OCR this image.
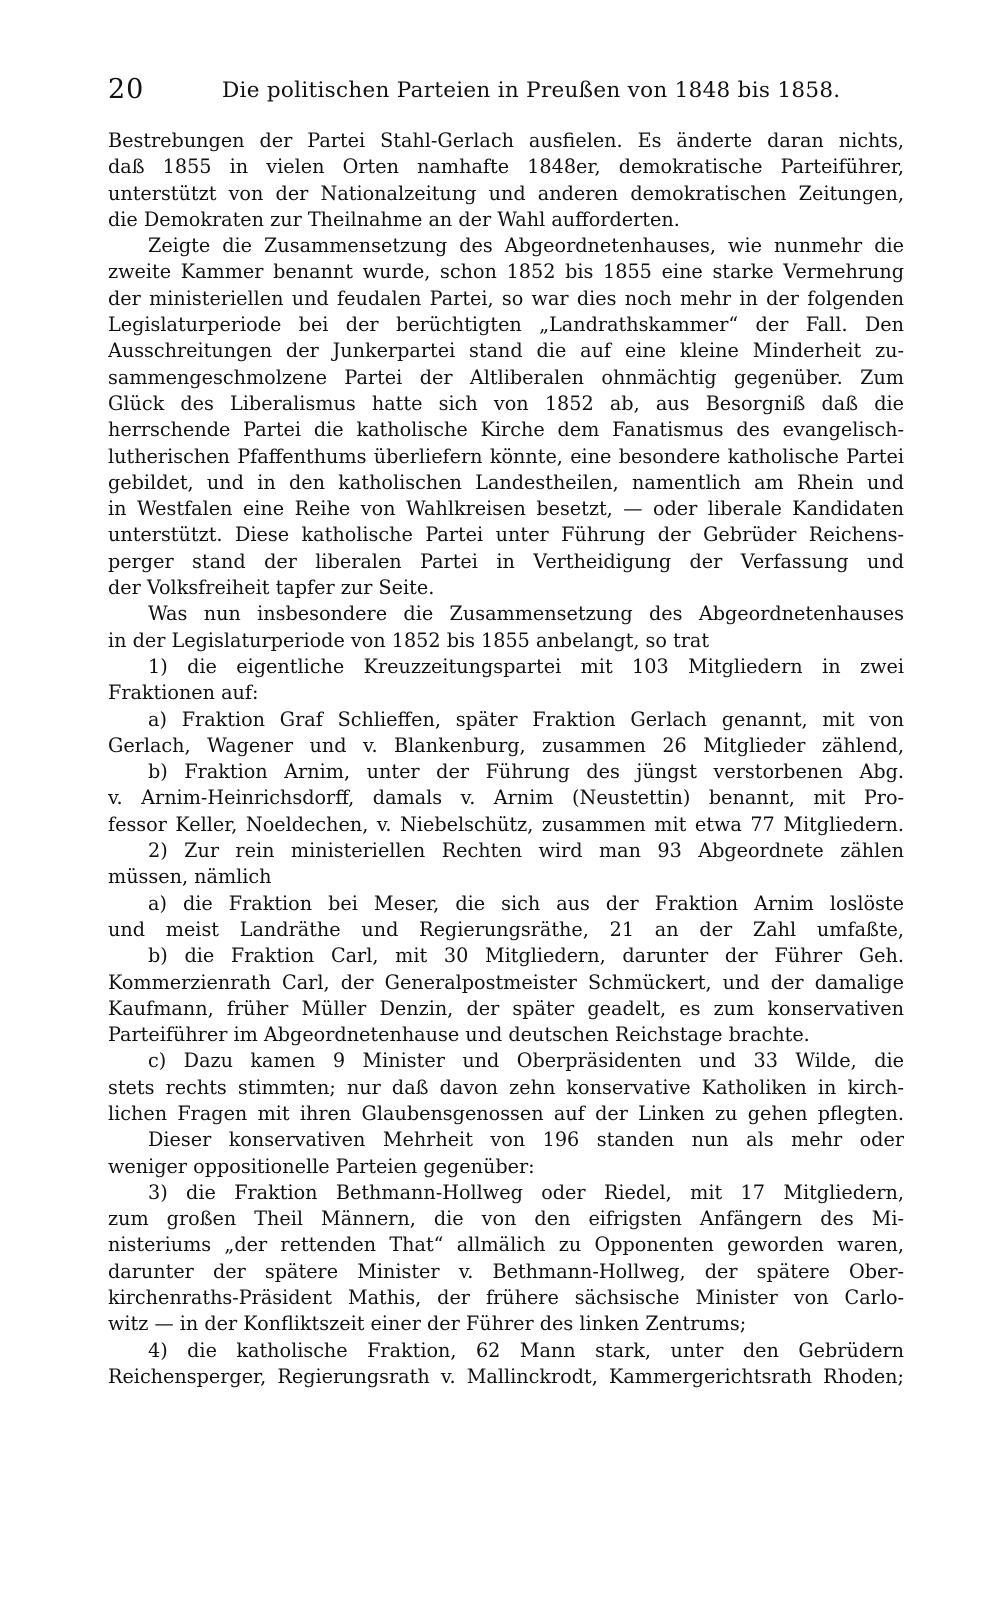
20	Die politischen Parteien in Preußen von 1848 bis 1858.
Bestrebungen der Partei Stahl-Gerlach ausfielen. Es änderte daran nichts,
daß 1855 in vielen Orten namhafte 1848er, demokratische Parteiführer,
unterstützt von der Nationalzeitung und anderen demokratischen Zeitungen,
die Demokraten zur Theilnahme an der Wahl aufforderten.
Zeigte die Zusammensetzung des Abgeordnetenhauses, wie nunmehr die
zweite Kammer benannt wurde, schon 1852 bis 1855 eine starke Vermehrung
der ministeriellen und feudalen Partei, so war dies noch mehr in der folgenden
Legislaturperiode bei der berüchtigten „Landrathskammer“ der Fall. Den
Ausschreitungen der Junkerpartei stand die auf eine kleine Minderheit zu-
sammengeschmolzene Partei der Altliberalen ohnmächtig gegenüber. Zum
Glück des Liberalismus hatte sich von 1852 ab, aus Besorgniß daß die
herrschende Partei die katholische Kirche dem Fanatismus des evangelisch-
lutherischen Pfaffenthums überliefern könnte, eine besondere katholische Partei
gebildet, und in den katholischen Landestheilen, namentlich am Rhein und
in Westfalen eine Reihe von Wahlkreisen besetzt, — oder liberale Kandidaten
unterstützt. Diese katholische Partei unter Führung der Gebrüder Reichens-
perger stand der liberalen Partei in Vertheidigung der Verfassung und
der Volksfreiheit tapfer zur Seite.
Was nun insbesondere die Zusammensetzung des Abgeordnetenhauses
in der Legislaturperiode von 1852 bis 1855 anbelangt, so trat
1) die eigentliche Kreuzzeitungspartei mit 103 Mitgliedern in zwei
Fraktionen auf:
a) Fraktion Graf Schlieffen, später Fraktion Gerlach genannt, mit von
Gerlach, Wagener und v. Blankenburg, zusammen 26 Mitglieder zählend,
b) Fraktion Arnim, unter der Führung des jüngst verstorbenen Abg.
v. Arnim-Heinrichsdorff, damals v. Arnim (Neustettin) benannt, mit Pro-
fessor Keller, Noeldechen, v. Niebelschütz, zusammen mit etwa 77 Mitgliedern.
2) Zur rein ministeriellen Rechten wird man 93 Abgeordnete zählen
müssen, nämlich
a) die Fraktion bei Meser, die sich aus der Fraktion Arnim loslöste
und meist Landräthe und Regierungsräthe, 21 an der Zahl umfaßte,
b) die Fraktion Carl, mit 30 Mitgliedern, darunter der Führer Geh.
Kommerzienrath Carl, der Generalpostmeister Schmückert, und der damalige
Kaufmann, früher Müller Denzin, der später geadelt, es zum konservativen
Parteiführer im Abgeordnetenhause und deutschen Reichstage brachte.
c) Dazu kamen 9 Minister und Oberpräsidenten und 33 Wilde, die
stets rechts stimmten; nur daß davon zehn konservative Katholiken in kirch-
lichen Fragen mit ihren Glaubensgenossen auf der Linken zu gehen pflegten.
Dieser konservativen Mehrheit von 196 standen nun als mehr oder
weniger oppositionelle Parteien gegenüber:
3) die Fraktion Bethmann-Hollweg oder Riedel, mit 17 Mitgliedern,
zum großen Theil Männern, die von den eifrigsten Anfängern des Mi-
nisteriums „der rettenden That“ allmälich zu Opponenten geworden waren,
darunter der spätere Minister v. Bethmann-Hollweg, der spätere Ober-
kirchenraths-Präsident Mathis, der frühere sächsische Minister von Carlo-
witz — in der Konfliktszeit einer der Führer des linken Zentrums;
4) die katholische Fraktion, 62 Mann stark, unter den Gebrüdern
Reichensperger, Regierungsrath v. Mallinckrodt, Kammergerichtsrath Rhoden;
